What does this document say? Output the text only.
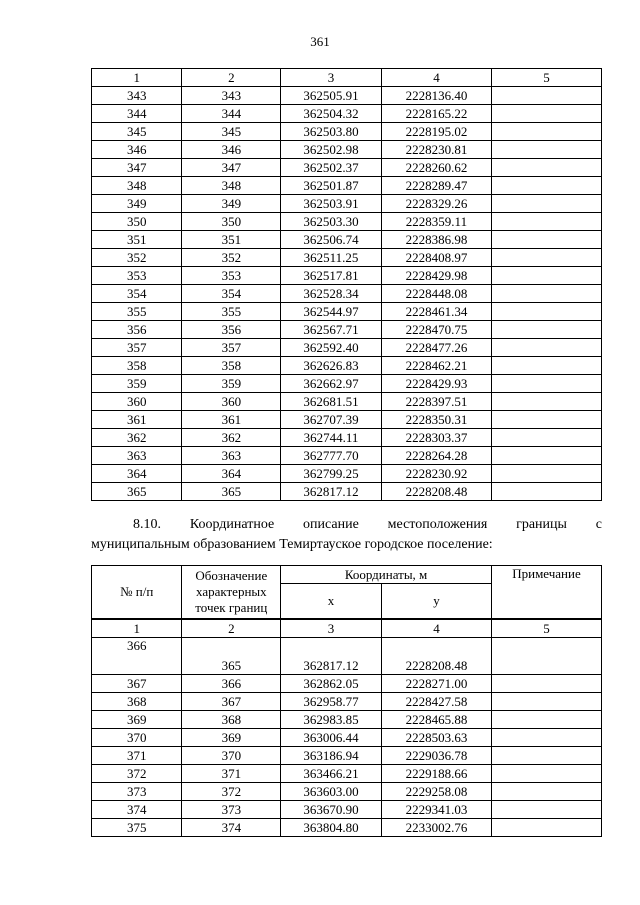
361
1	2	3	4	5
343	343	362505.91	2228136.40	
344	344	362504.32	2228165.22	
345	345	362503.80	2228195.02	
346	346	362502.98	2228230.81	
347	347	362502.37	2228260.62	
348	348	362501.87	2228289.47	
349	349	362503.91	2228329.26	
350	350	362503.30	2228359.11	
351	351	362506.74	2228386.98	
352	352	362511.25	2228408.97	
353	353	362517.81	2228429.98	
354	354	362528.34	2228448.08	
355	355	362544.97	2228461.34	
356	356	362567.71	2228470.75	
357	357	362592.40	2228477.26	
358	358	362626.83	2228462.21	
359	359	362662.97	2228429.93	
360	360	362681.51	2228397.51	
361	361	362707.39	2228350.31	
362	362	362744.11	2228303.37	
363	363	362777.70	2228264.28	
364	364	362799.25	2228230.92	
365	365	362817.12	2228208.48	
8.10. Координатное описание местоположения границы с
муниципальным образованием Темиртауское городское поселение:
№ п/п	Обозначение характерных точек границ	Координаты, м		Примечание
		x	y	
1	2	3	4	5
366	365	362817.12	2228208.48	
367	366	362862.05	2228271.00	
368	367	362958.77	2228427.58	
369	368	362983.85	2228465.88	
370	369	363006.44	2228503.63	
371	370	363186.94	2229036.78	
372	371	363466.21	2229188.66	
373	372	363603.00	2229258.08	
374	373	363670.90	2229341.03	
375	374	363804.80	2233002.76	
